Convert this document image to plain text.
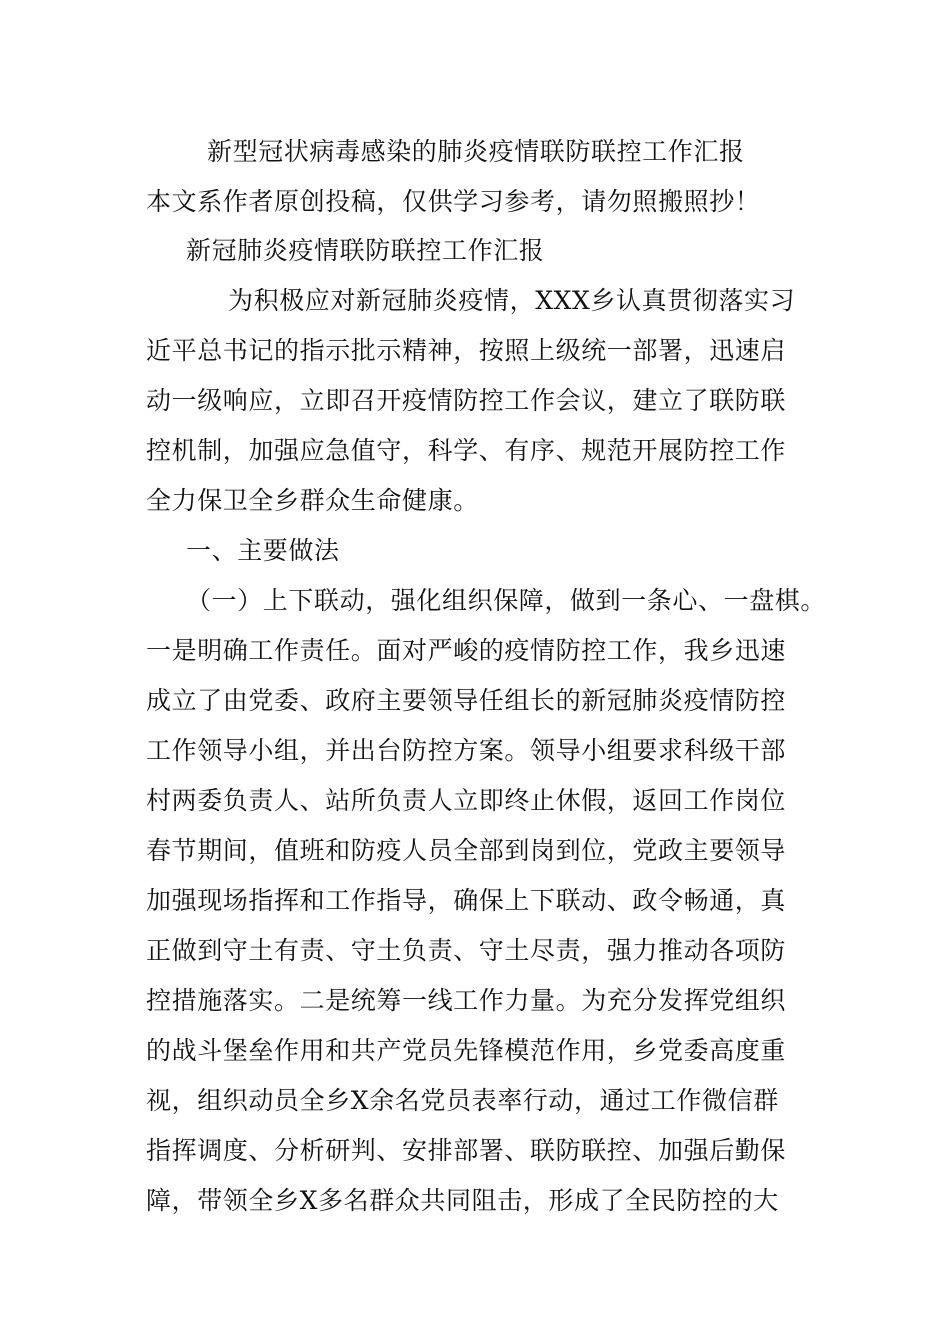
新型冠状病毒感染的肺炎疫情联防联控工作汇报
本文系作者原创投稿，仅供学习参考，请勿照搬照抄！
新冠肺炎疫情联防联控工作汇报
为积极应对新冠肺炎疫情，XXX乡认真贯彻落实习
近平总书记的指示批示精神，按照上级统一部署，迅速启
动一级响应，立即召开疫情防控工作会议，建立了联防联
控机制，加强应急值守，科学、有序、规范开展防控工作
全力保卫全乡群众生命健康。
一、主要做法
（一）上下联动，强化组织保障，做到一条心、一盘棋。
一是明确工作责任。面对严峻的疫情防控工作，我乡迅速
成立了由党委、政府主要领导任组长的新冠肺炎疫情防控
工作领导小组，并出台防控方案。领导小组要求科级干部
村两委负责人、站所负责人立即终止休假，返回工作岗位
春节期间，值班和防疫人员全部到岗到位，党政主要领导
加强现场指挥和工作指导，确保上下联动、政令畅通，真
正做到守土有责、守土负责、守土尽责，强力推动各项防
控措施落实。二是统筹一线工作力量。为充分发挥党组织
的战斗堡垒作用和共产党员先锋模范作用，乡党委高度重
视，组织动员全乡X余名党员表率行动，通过工作微信群
指挥调度、分析研判、安排部署、联防联控、加强后勤保
障，带领全乡X多名群众共同阻击，形成了全民防控的大
